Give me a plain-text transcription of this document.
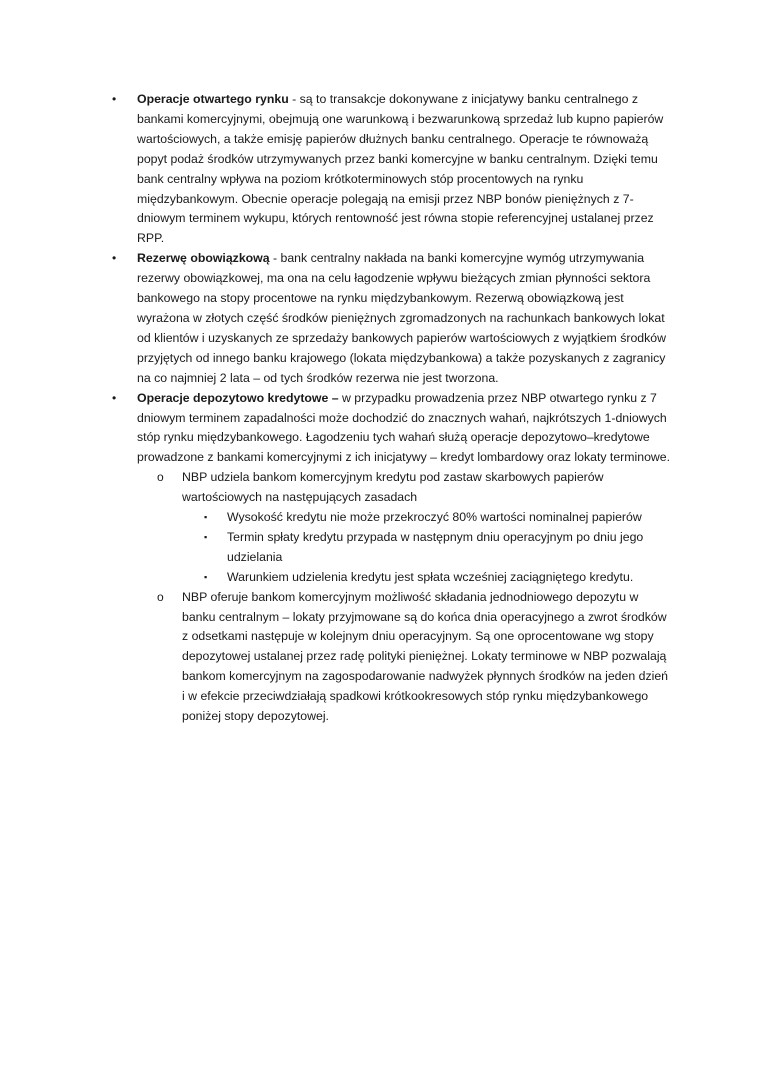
•	Operacje otwartego rynku - są to transakcje dokonywane z inicjatywy banku centralnego z bankami komercyjnymi, obejmują one warunkową i bezwarunkową sprzedaż lub kupno papierów wartościowych, a także emisję papierów dłużnych banku centralnego. Operacje te równoważą popyt podaż środków utrzymywanych przez banki komercyjne w banku centralnym. Dzięki temu bank centralny wpływa na poziom krótkoterminowych stóp procentowych na rynku międzybankowym. Obecnie operacje polegają na emisji przez NBP bonów pieniężnych z 7-dniowym terminem wykupu, których rentowność jest równa stopie referencyjnej ustalanej przez RPP.
•	Rezerwę obowiązkową - bank centralny nakłada na banki komercyjne wymóg utrzymywania rezerwy obowiązkowej, ma ona na celu łagodzenie wpływu bieżących zmian płynności sektora bankowego na stopy procentowe na rynku międzybankowym. Rezerwą obowiązkową jest wyrażona w złotych część środków pieniężnych zgromadzonych na rachunkach bankowych lokat od klientów i uzyskanych ze sprzedaży bankowych papierów wartościowych z wyjątkiem środków przyjętych od innego banku krajowego (lokata międzybankowa) a także pozyskanych z zagranicy na co najmniej 2 lata – od tych środków rezerwa nie jest tworzona.
•	Operacje depozytowo kredytowe – w przypadku prowadzenia przez NBP otwartego rynku z 7 dniowym terminem zapadalności może dochodzić do znacznych wahań, najkrótszych 1-dniowych stóp rynku międzybankowego. Łagodzeniu tych wahań służą operacje depozytowo–kredytowe prowadzone z bankami komercyjnymi z ich inicjatywy – kredyt lombardowy oraz lokaty terminowe.
o	NBP udziela bankom komercyjnym kredytu pod zastaw skarbowych papierów wartościowych na następujących zasadach
▪	Wysokość kredytu nie może przekroczyć 80% wartości nominalnej papierów
▪	Termin spłaty kredytu przypada w następnym dniu operacyjnym po dniu jego udzielania
▪	Warunkiem udzielenia kredytu jest spłata wcześniej zaciągniętego kredytu.
o	NBP oferuje bankom komercyjnym możliwość składania jednodniowego depozytu w banku centralnym – lokaty przyjmowane są do końca dnia operacyjnego a zwrot środków z odsetkami następuje w kolejnym dniu operacyjnym. Są one oprocentowane wg stopy depozytowej ustalanej przez radę polityki pieniężnej. Lokaty terminowe w NBP pozwalają bankom komercyjnym na zagospodarowanie nadwyżek płynnych środków na jeden dzień i w efekcie przeciwdziałają spadkowi krótkookresowych stóp rynku międzybankowego poniżej stopy depozytowej.
